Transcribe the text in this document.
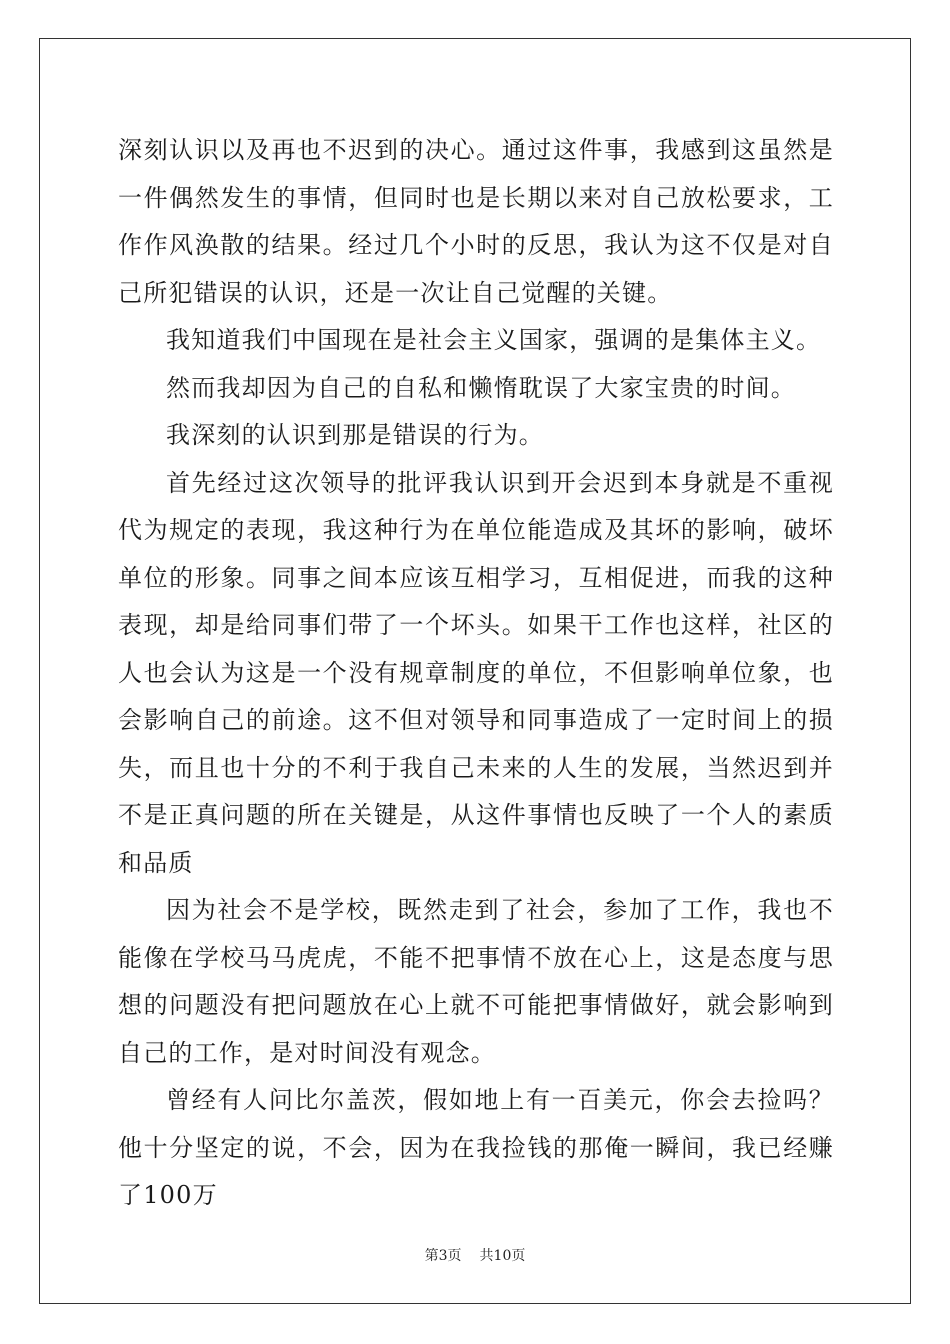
深刻认识以及再也不迟到的决心。通过这件事，我感到这虽然是一件偶然发生的事情，但同时也是长期以来对自己放松要求，工作作风涣散的结果。经过几个小时的反思，我认为这不仅是对自己所犯错误的认识，还是一次让自己觉醒的关键。

我知道我们中国现在是社会主义国家，强调的是集体主义。

然而我却因为自己的自私和懒惰耽误了大家宝贵的时间。

我深刻的认识到那是错误的行为。

首先经过这次领导的批评我认识到开会迟到本身就是不重视代为规定的表现，我这种行为在单位能造成及其坏的影响，破坏单位的形象。同事之间本应该互相学习，互相促进，而我的这种表现，却是给同事们带了一个坏头。如果干工作也这样，社区的人也会认为这是一个没有规章制度的单位，不但影响单位象，也会影响自己的前途。这不但对领导和同事造成了一定时间上的损失，而且也十分的不利于我自己未来的人生的发展，当然迟到并不是正真问题的所在关键是，从这件事情也反映了一个人的素质和品质

因为社会不是学校，既然走到了社会，参加了工作，我也不能像在学校马马虎虎，不能不把事情不放在心上，这是态度与思想的问题没有把问题放在心上就不可能把事情做好，就会影响到自己的工作，是对时间没有观念。

曾经有人问比尔盖茨，假如地上有一百美元，你会去捡吗？他十分坚定的说，不会，因为在我捡钱的那俺一瞬间，我已经赚了100万

第3页 共10页
